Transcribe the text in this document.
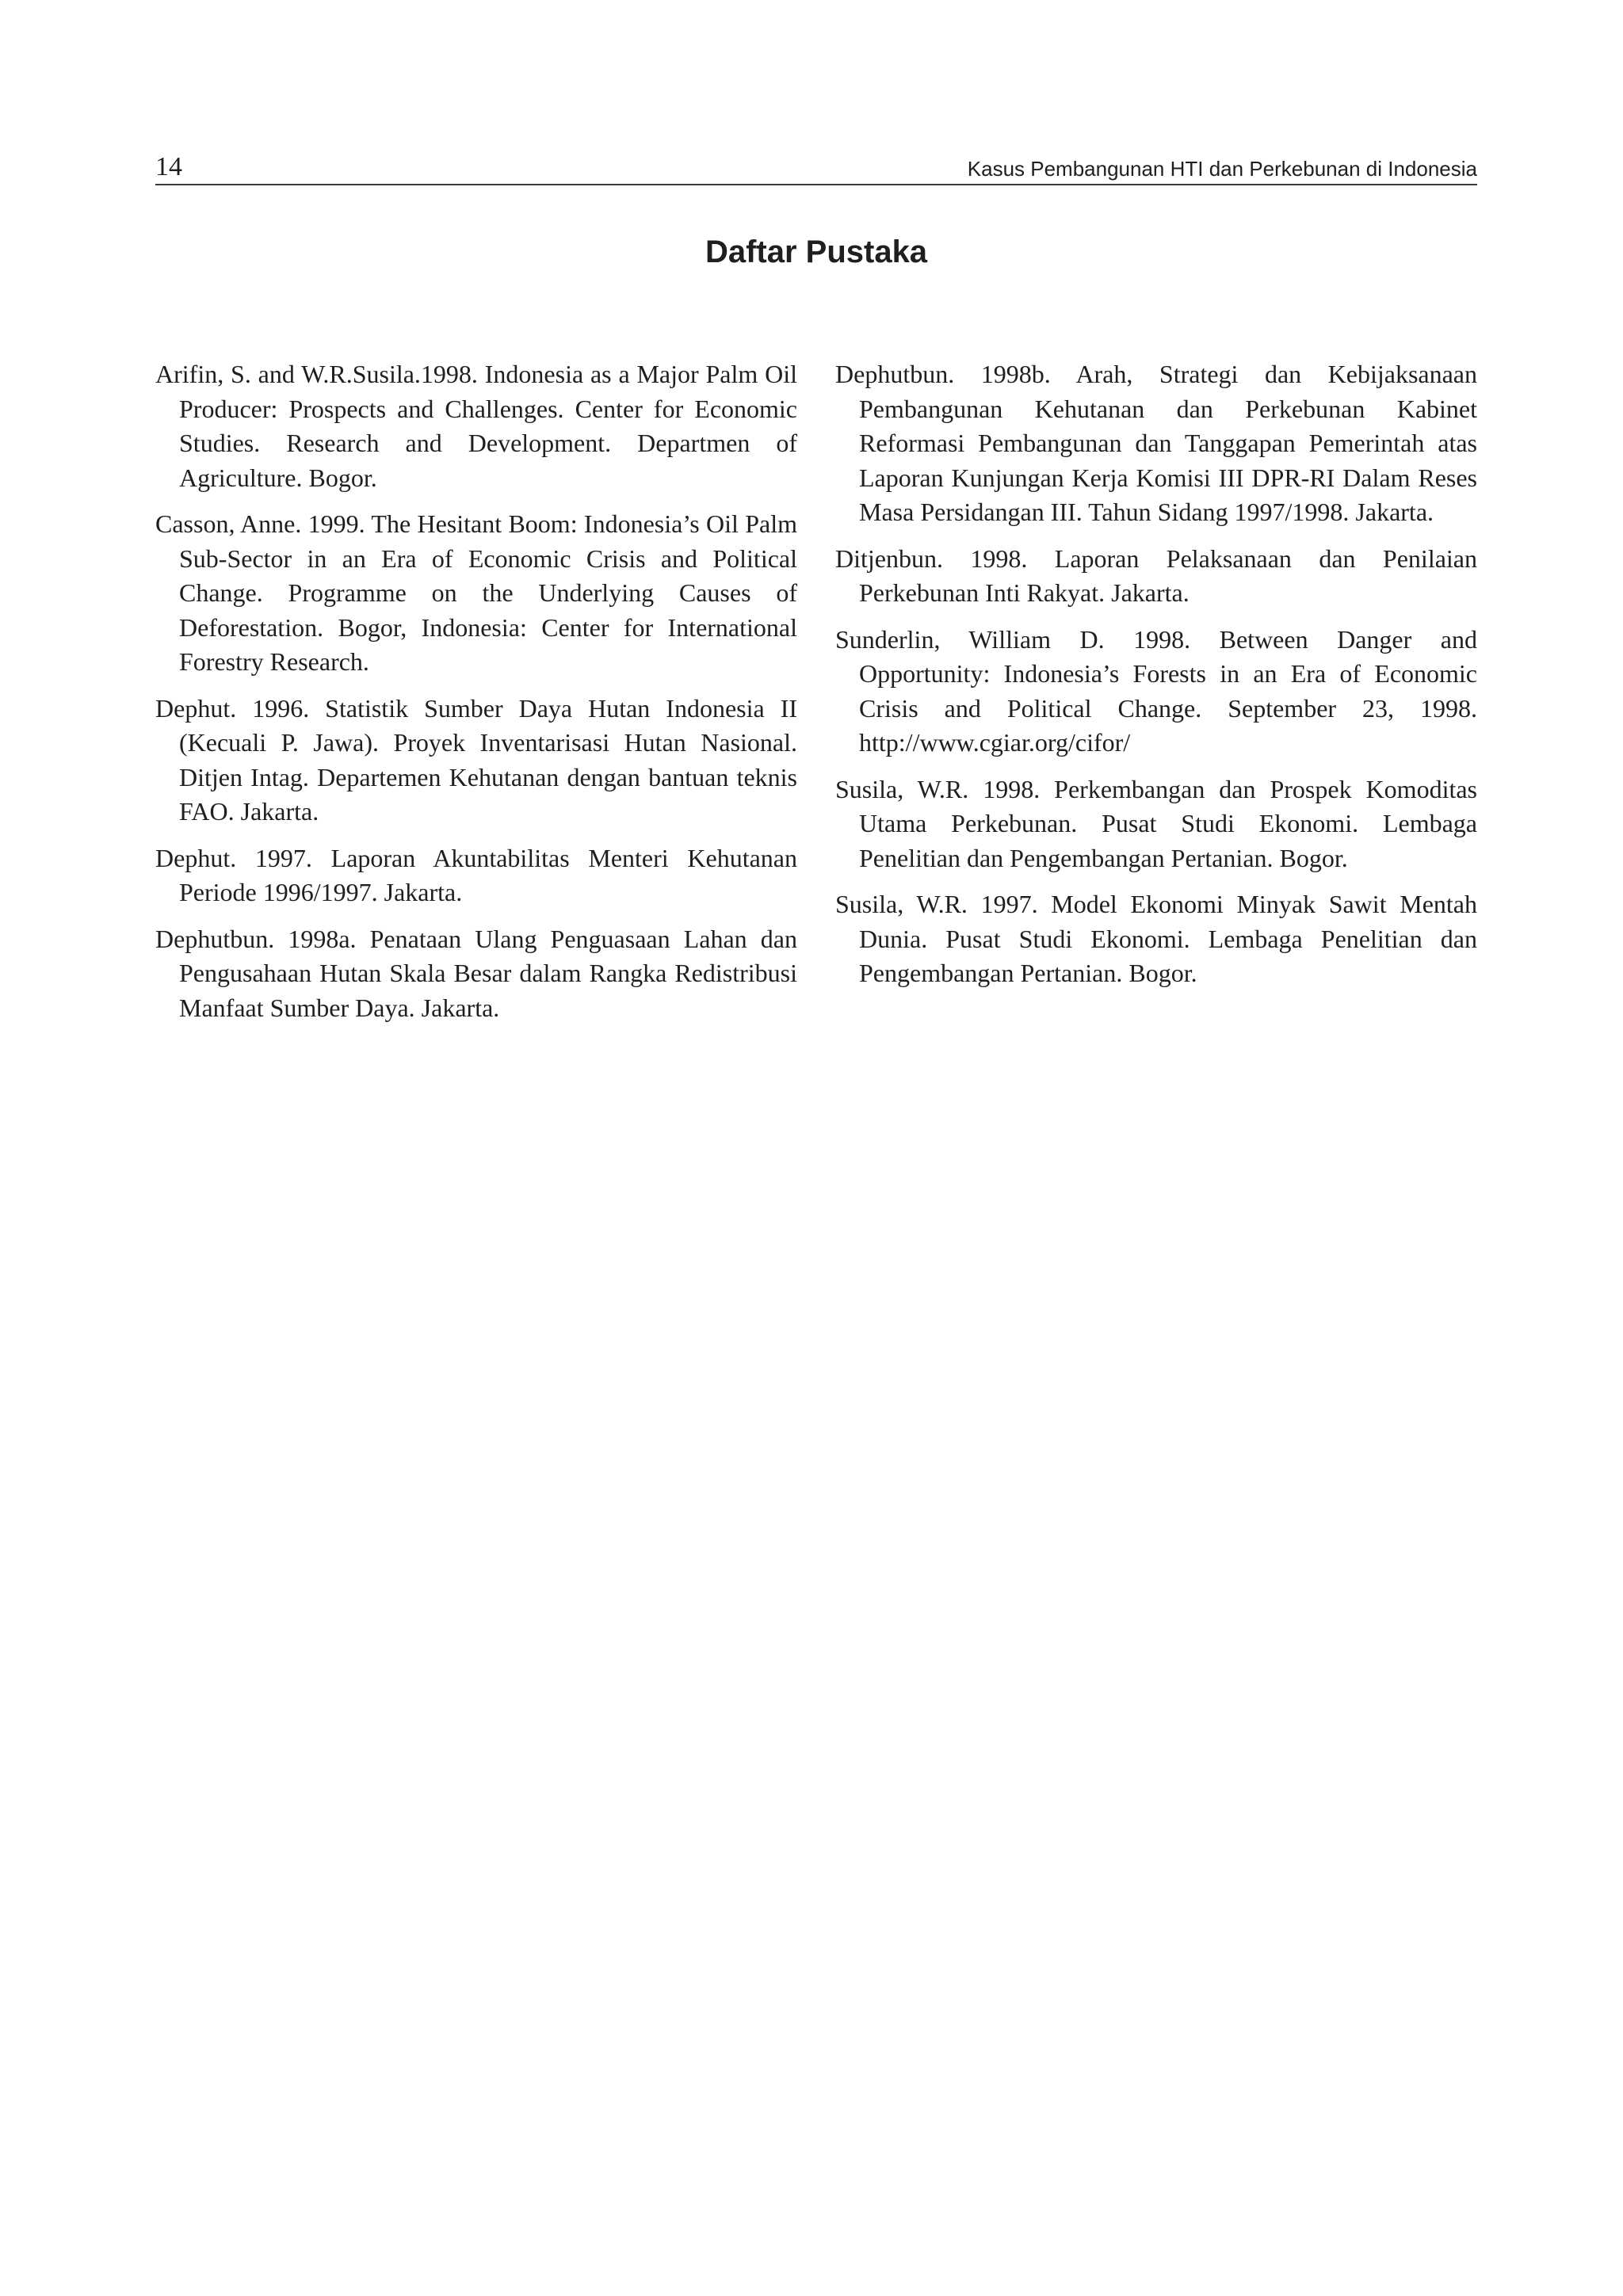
14	Kasus Pembangunan HTI dan Perkebunan di Indonesia
Daftar Pustaka

Arifin, S. and W.R.Susila.1998. Indonesia as a Major Palm Oil Producer: Prospects and Challenges. Center for Economic Studies. Research and Development. Departmen of Agriculture. Bogor.

Casson, Anne. 1999. The Hesitant Boom: Indonesia’s Oil Palm Sub-Sector in an Era of Economic Crisis and Political Change. Programme on the Underlying Causes of Deforestation. Bogor, Indonesia: Center for International Forestry Research.

Dephut. 1996. Statistik Sumber Daya Hutan Indonesia II (Kecuali P. Jawa). Proyek Inventarisasi Hutan Nasional. Ditjen Intag. Departemen Kehutanan dengan bantuan teknis FAO. Jakarta.

Dephut. 1997. Laporan Akuntabilitas Menteri Kehutanan Periode 1996/1997. Jakarta.

Dephutbun. 1998a. Penataan Ulang Penguasaan Lahan dan Pengusahaan Hutan Skala Besar dalam Rangka Redistribusi Manfaat Sumber Daya. Jakarta.

Dephutbun. 1998b. Arah, Strategi dan Kebijaksanaan Pembangunan Kehutanan dan Perkebunan Kabinet Reformasi Pembangunan dan Tanggapan Pemerintah atas Laporan Kunjungan Kerja Komisi III DPR-RI Dalam Reses Masa Persidangan III. Tahun Sidang 1997/1998. Jakarta.

Ditjenbun. 1998. Laporan Pelaksanaan dan Penilaian Perkebunan Inti Rakyat. Jakarta.

Sunderlin, William D. 1998. Between Danger and Opportunity: Indonesia’s Forests in an Era of Economic Crisis and Political Change. September 23, 1998. http://www.cgiar.org/cifor/

Susila, W.R. 1998. Perkembangan dan Prospek Komoditas Utama Perkebunan. Pusat Studi Ekonomi. Lembaga Penelitian dan Pengembangan Pertanian. Bogor.

Susila, W.R. 1997. Model Ekonomi Minyak Sawit Mentah Dunia. Pusat Studi Ekonomi. Lembaga Penelitian dan Pengembangan Pertanian. Bogor.
